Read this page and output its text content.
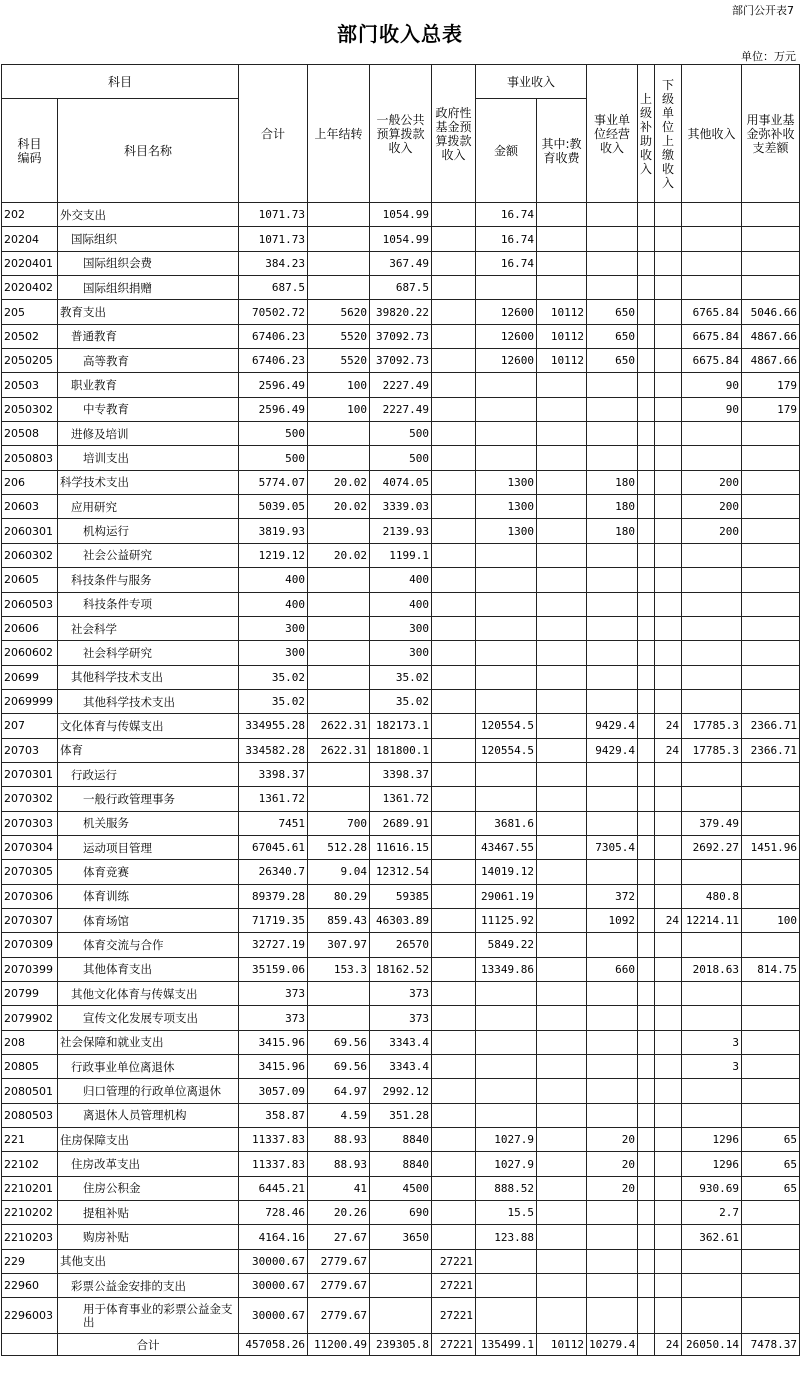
部门公开表7
部门收入总表
单位：万元
科目		合计	上年结转	一般公共预算拨款收入	政府性基金预算拨款收入	事业收入		事业单位经营收入	上级补助收入	下级单位上缴收入	其他收入	用事业基金弥补收支差额
科目编码	科目名称					金额	其中:教育收费					
202	外交支出	1071.73		1054.99		16.74						
20204	国际组织	1071.73		1054.99		16.74						
2020401	国际组织会费	384.23		367.49		16.74						
2020402	国际组织捐赠	687.5		687.5								
205	教育支出	70502.72	5620	39820.22		12600	10112	650			6765.84	5046.66
20502	普通教育	67406.23	5520	37092.73		12600	10112	650			6675.84	4867.66
2050205	高等教育	67406.23	5520	37092.73		12600	10112	650			6675.84	4867.66
20503	职业教育	2596.49	100	2227.49							90	179
2050302	中专教育	2596.49	100	2227.49							90	179
20508	进修及培训	500		500								
2050803	培训支出	500		500								
206	科学技术支出	5774.07	20.02	4074.05		1300		180			200	
20603	应用研究	5039.05	20.02	3339.03		1300		180			200	
2060301	机构运行	3819.93		2139.93		1300		180			200	
2060302	社会公益研究	1219.12	20.02	1199.1								
20605	科技条件与服务	400		400								
2060503	科技条件专项	400		400								
20606	社会科学	300		300								
2060602	社会科学研究	300		300								
20699	其他科学技术支出	35.02		35.02								
2069999	其他科学技术支出	35.02		35.02								
207	文化体育与传媒支出	334955.28	2622.31	182173.1		120554.5		9429.4		24	17785.3	2366.71
20703	体育	334582.28	2622.31	181800.1		120554.5		9429.4		24	17785.3	2366.71
2070301	行政运行	3398.37		3398.37								
2070302	一般行政管理事务	1361.72		1361.72								
2070303	机关服务	7451	700	2689.91		3681.6					379.49	
2070304	运动项目管理	67045.61	512.28	11616.15		43467.55		7305.4			2692.27	1451.96
2070305	体育竞赛	26340.7	9.04	12312.54		14019.12						
2070306	体育训练	89379.28	80.29	59385		29061.19		372			480.8	
2070307	体育场馆	71719.35	859.43	46303.89		11125.92		1092		24	12214.11	100
2070309	体育交流与合作	32727.19	307.97	26570		5849.22						
2070399	其他体育支出	35159.06	153.3	18162.52		13349.86		660			2018.63	814.75
20799	其他文化体育与传媒支出	373		373								
2079902	宣传文化发展专项支出	373		373								
208	社会保障和就业支出	3415.96	69.56	3343.4							3	
20805	行政事业单位离退休	3415.96	69.56	3343.4							3	
2080501	归口管理的行政单位离退休	3057.09	64.97	2992.12								
2080503	离退休人员管理机构	358.87	4.59	351.28								
221	住房保障支出	11337.83	88.93	8840		1027.9		20			1296	65
22102	住房改革支出	11337.83	88.93	8840		1027.9		20			1296	65
2210201	住房公积金	6445.21	41	4500		888.52		20			930.69	65
2210202	提租补贴	728.46	20.26	690		15.5					2.7	
2210203	购房补贴	4164.16	27.67	3650		123.88					362.61	
229	其他支出	30000.67	2779.67		27221							
22960	彩票公益金安排的支出	30000.67	2779.67		27221							
2296003	用于体育事业的彩票公益金支出	30000.67	2779.67		27221							
	合计	457058.26	11200.49	239305.8	27221	135499.1	10112	10279.4		24	26050.14	7478.37
